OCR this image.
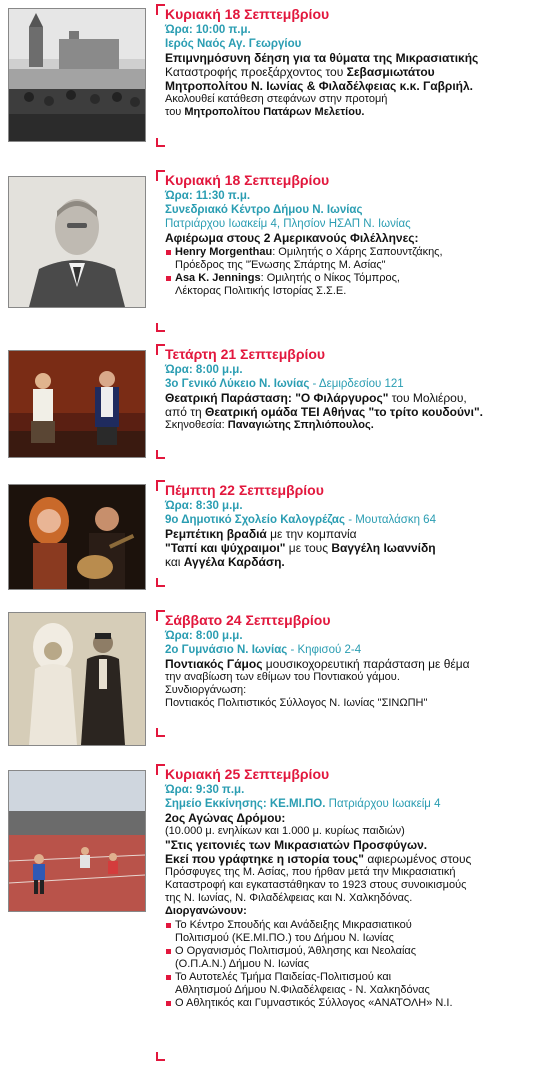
Κυριακή 18 Σεπτεμβρίου
Ώρα: 10:00 π.μ.
Ιερός Ναός Αγ. Γεωργίου
Επιμνημόσυνη δέηση για τα θύματα της Μικρασιατικής
Καταστροφής προεξάρχοντος του Σεβασμιωτάτου
Μητροπολίτου Ν. Ιωνίας & Φιλαδέλφειας κ.κ. Γαβριήλ.
Ακολουθεί κατάθεση στεφάνων στην προτομή
του Μητροπολίτου Πατάρων Μελετίου.
Κυριακή 18 Σεπτεμβρίου
Ώρα: 11:30 π.μ.
Συνεδριακό Κέντρο Δήμου Ν. Ιωνίας
Πατριάρχου Ιωακείμ 4, Πλησίον ΗΣΑΠ Ν. Ιωνίας
Αφιέρωμα στους 2 Αμερικανούς Φιλέλληνες:
Henry Morgenthau: Ομιλητής ο Χάρης Σαπουντζάκης,
Πρόεδρος της "Ένωσης Σπάρτης Μ. Ασίας"
Asa K. Jennings: Ομιλητής ο Νίκος Τόμπρος,
Λέκτορας Πολιτικής Ιστορίας Σ.Σ.Ε.
Τετάρτη 21 Σεπτεμβρίου
Ώρα: 8:00 μ.μ.
3ο Γενικό Λύκειο Ν. Ιωνίας - Δεμιρδεσίου 121
Θεατρική Παράσταση: "Ο Φιλάργυρος" του Μολιέρου,
από τη Θεατρική ομάδα ΤΕΙ Αθήνας "το τρίτο κουδούνι".
Σκηνοθεσία: Παναγιώτης Σπηλιόπουλος.
Πέμπτη 22 Σεπτεμβρίου
Ώρα: 8:30 μ.μ.
9ο Δημοτικό Σχολείο Καλογρέζας - Μουταλάσκη 64
Ρεμπέτικη βραδιά με την κομπανία
"Ταπί και ψύχραιμοι" με τους Βαγγέλη Ιωαννίδη
και Αγγέλα Καρδάση.
Σάββατο 24 Σεπτεμβρίου
Ώρα: 8:00 μ.μ.
2ο Γυμνάσιο Ν. Ιωνίας - Κηφισού 2-4
Ποντιακός Γάμος μουσικοχορευτική παράσταση με θέμα
την αναβίωση των εθίμων του Ποντιακού γάμου.
Συνδιοργάνωση:
Ποντιακός Πολιτιστικός Σύλλογος Ν. Ιωνίας "ΣΙΝΩΠΗ"
Κυριακή 25 Σεπτεμβρίου
Ώρα: 9:30 π.μ.
Σημείο Εκκίνησης: ΚΕ.ΜΙ.ΠΟ. Πατριάρχου Ιωακείμ 4
2ος Αγώνας Δρόμου:
(10.000 μ. ενηλίκων και 1.000 μ. κυρίως παιδιών)
"Στις γειτονιές των Μικρασιατών Προσφύγων.
Εκεί που γράφτηκε η ιστορία τους" αφιερωμένος στους
Πρόσφυγες της Μ. Ασίας, που ήρθαν μετά την Μικρασιατική
Καταστροφή και εγκαταστάθηκαν το 1923 στους συνοικισμούς
της Ν. Ιωνίας, Ν. Φιλαδέλφειας και Ν. Χαλκηδόνας.
Διοργανώνουν:
Το Κέντρο Σπουδής και Ανάδειξης Μικρασιατικού
Πολιτισμού (ΚΕ.ΜΙ.ΠΟ.) του Δήμου Ν. Ιωνίας
Ο Οργανισμός Πολιτισμού, Άθλησης και Νεολαίας
(Ο.Π.Α.Ν.) Δήμου Ν. Ιωνίας
Το Αυτοτελές Τμήμα Παιδείας-Πολιτισμού και
Αθλητισμού Δήμου Ν.Φιλαδέλφειας - Ν. Χαλκηδόνας
Ο Αθλητικός και Γυμναστικός Σύλλογος «ΑΝΑΤΟΛΗ» Ν.Ι.
